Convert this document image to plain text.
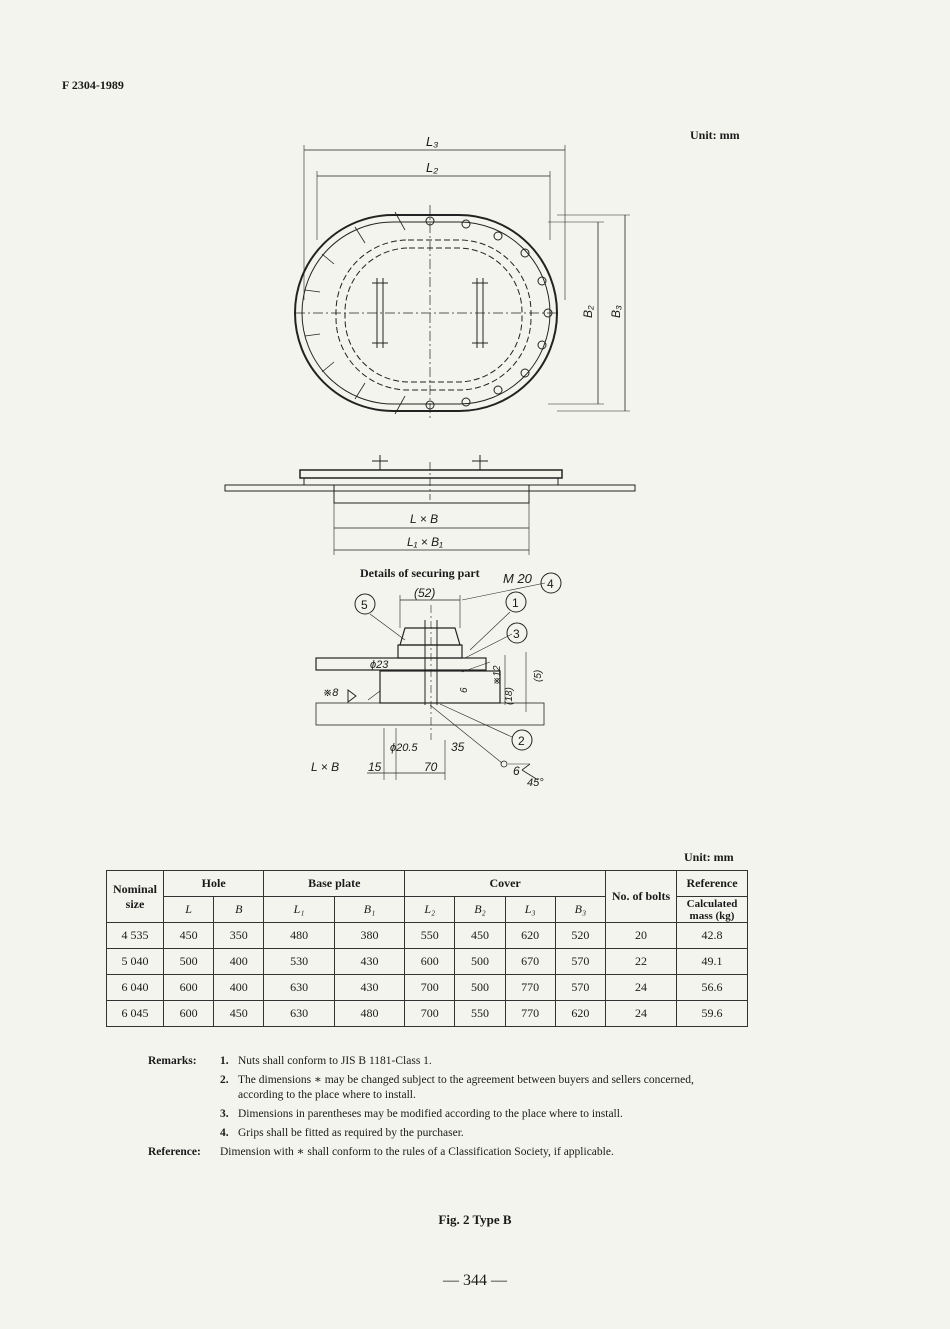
F 2304-1989
Unit: mm
L₃
L₂
B₂ B₃
L × B
L₁ × B₁
M 20 4
5	1
3
2
(52)
ϕ23
※12	(5)
※8	(18)
6
ϕ20.5	35
L × B 15	70	6
45°
Details of securing part
Unit: mm
Nominal size	Hole		Base plate		Cover				No. of bolts	Reference
	L	B	L₁	B₁	L₂	B₂	L₃	B₃		Calculated mass (kg)
4 535	450	350	480	380	550	450	620	520	20	42.8
5 040	500	400	530	430	600	500	670	570	22	49.1
6 040	600	400	630	430	700	500	770	570	24	56.6
6 045	600	450	630	480	700	550	770	620	24	59.6
Remarks:	1. Nuts shall conform to JIS B 1181-Class 1.
2. The dimensions ∗ may be changed subject to the agreement between buyers and sellers concerned, according to the place where to install.
3. Dimensions in parentheses may be modified according to the place where to install.
4. Grips shall be fitted as required by the purchaser.
Reference:	Dimension with ∗ shall conform to the rules of a Classification Society, if applicable.
Fig. 2 Type B
— 344 —
